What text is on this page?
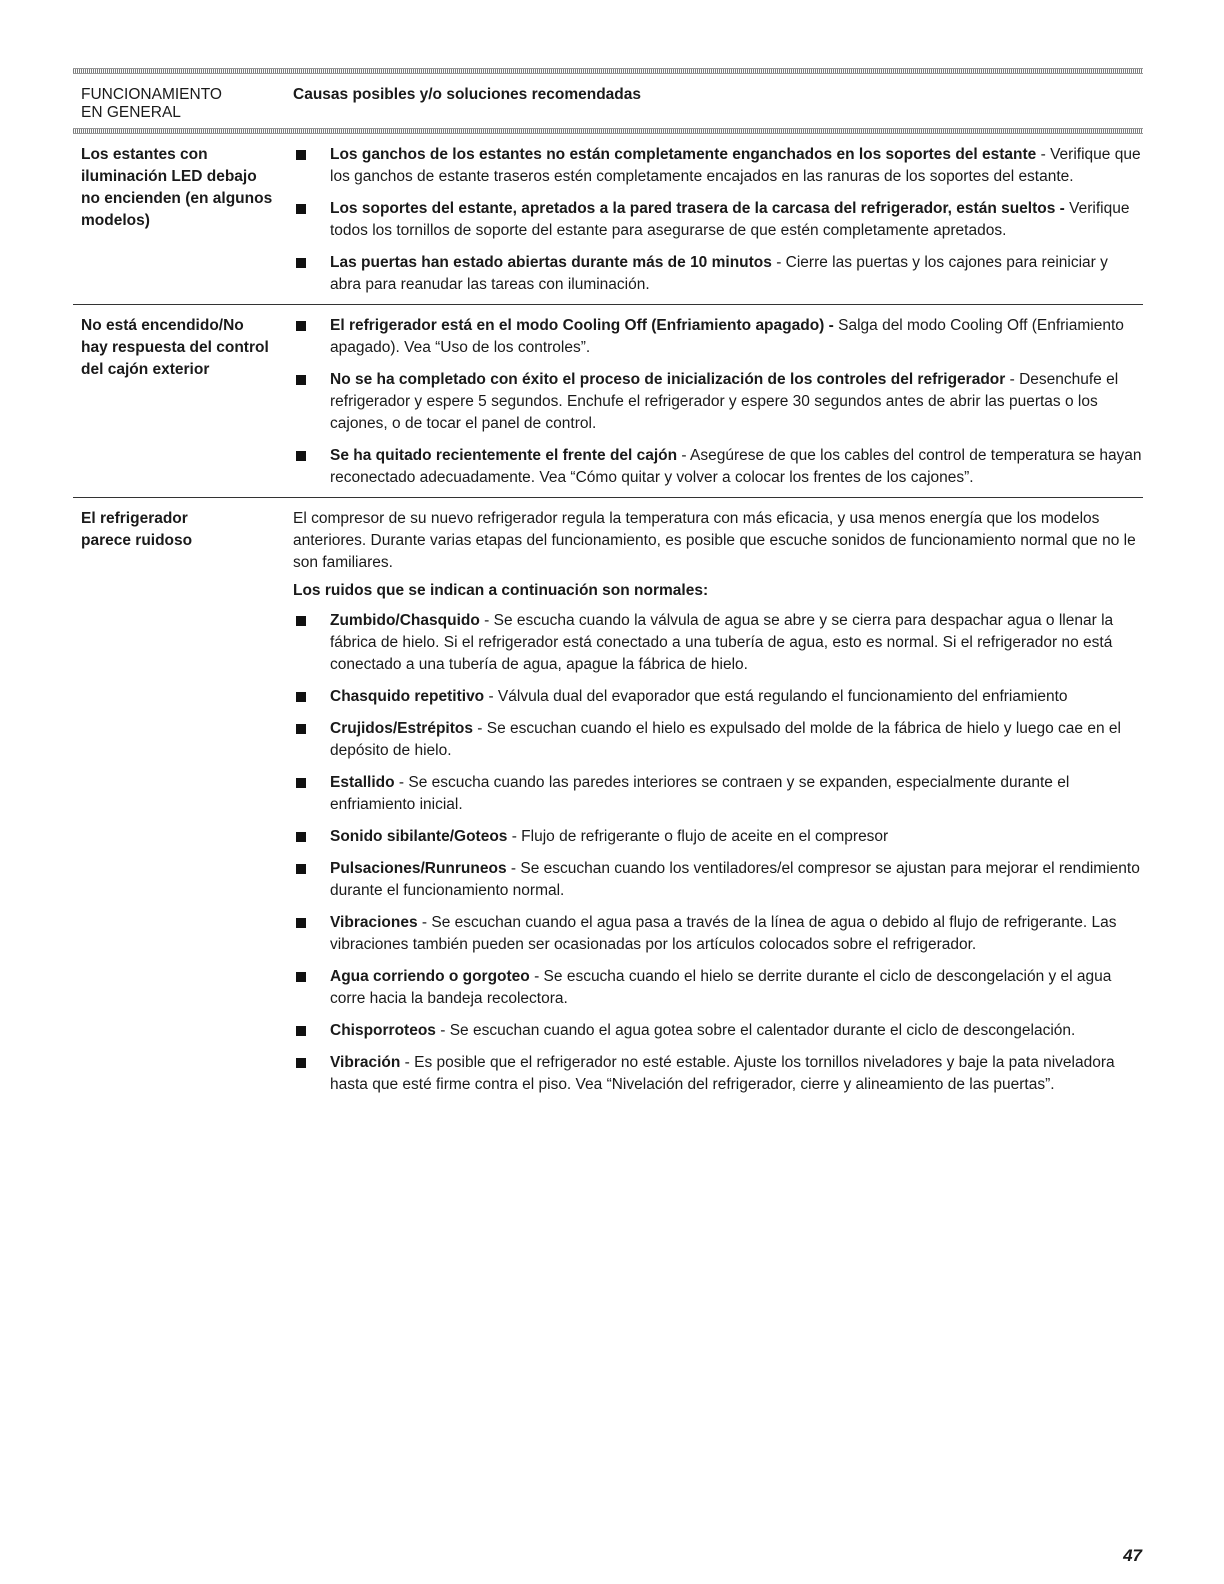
FUNCIONAMIENTO
EN GENERAL
Causas posibles y/o soluciones recomendadas
Los estantes con
iluminación LED debajo
no encienden (en algunos
modelos)
Los ganchos de los estantes no están completamente enganchados en los soportes del estante - Verifique que los ganchos de estante traseros estén completamente encajados en las ranuras de los soportes del estante.
Los soportes del estante, apretados a la pared trasera de la carcasa del refrigerador, están sueltos - Verifique todos los tornillos de soporte del estante para asegurarse de que estén completamente apretados.
Las puertas han estado abiertas durante más de 10 minutos - Cierre las puertas y los cajones para reiniciar y abra para reanudar las tareas con iluminación.
No está encendido/No
hay respuesta del control
del cajón exterior
El refrigerador está en el modo Cooling Off (Enfriamiento apagado) - Salga del modo Cooling Off (Enfriamiento apagado). Vea “Uso de los controles”.
No se ha completado con éxito el proceso de inicialización de los controles del refrigerador - Desenchufe el refrigerador y espere 5 segundos. Enchufe el refrigerador y espere 30 segundos antes de abrir las puertas o los cajones, o de tocar el panel de control.
Se ha quitado recientemente el frente del cajón - Asegúrese de que los cables del control de temperatura se hayan reconectado adecuadamente. Vea “Cómo quitar y volver a colocar los frentes de los cajones”.
El refrigerador
parece ruidoso

El compresor de su nuevo refrigerador regula la temperatura con más eficacia, y usa menos energía que los modelos anteriores. Durante varias etapas del funcionamiento, es posible que escuche sonidos de funcionamiento normal que no le son familiares.

Los ruidos que se indican a continuación son normales:

Zumbido/Chasquido - Se escucha cuando la válvula de agua se abre y se cierra para despachar agua o llenar la fábrica de hielo. Si el refrigerador está conectado a una tubería de agua, esto es normal. Si el refrigerador no está conectado a una tubería de agua, apague la fábrica de hielo.
Chasquido repetitivo - Válvula dual del evaporador que está regulando el funcionamiento del enfriamiento
Crujidos/Estrépitos - Se escuchan cuando el hielo es expulsado del molde de la fábrica de hielo y luego cae en el depósito de hielo.
Estallido - Se escucha cuando las paredes interiores se contraen y se expanden, especialmente durante el enfriamiento inicial.
Sonido sibilante/Goteos - Flujo de refrigerante o flujo de aceite en el compresor
Pulsaciones/Runruneos - Se escuchan cuando los ventiladores/el compresor se ajustan para mejorar el rendimiento durante el funcionamiento normal.
Vibraciones - Se escuchan cuando el agua pasa a través de la línea de agua o debido al flujo de refrigerante. Las vibraciones también pueden ser ocasionadas por los artículos colocados sobre el refrigerador.
Agua corriendo o gorgoteo - Se escucha cuando el hielo se derrite durante el ciclo de descongelación y el agua corre hacia la bandeja recolectora.
Chisporroteos - Se escuchan cuando el agua gotea sobre el calentador durante el ciclo de descongelación.
Vibración - Es posible que el refrigerador no esté estable. Ajuste los tornillos niveladores y baje la pata niveladora hasta que esté firme contra el piso. Vea “Nivelación del refrigerador, cierre y alineamiento de las puertas”.
47
